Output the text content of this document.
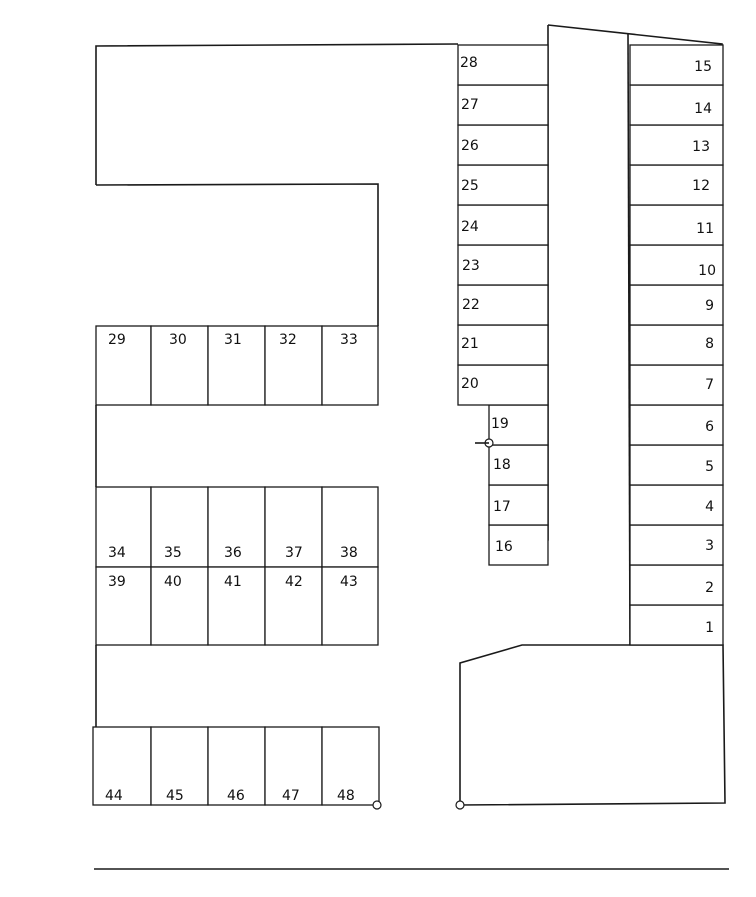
1
2
3
4
5
6
7
8
9
10
11
12
13
14
15
16
17
18
19
20
21
22
23
24
25
26
27
28
29	30	31	32	33
34	35	36	37	38
39	40	41	42	43
44	45	46	47	48
